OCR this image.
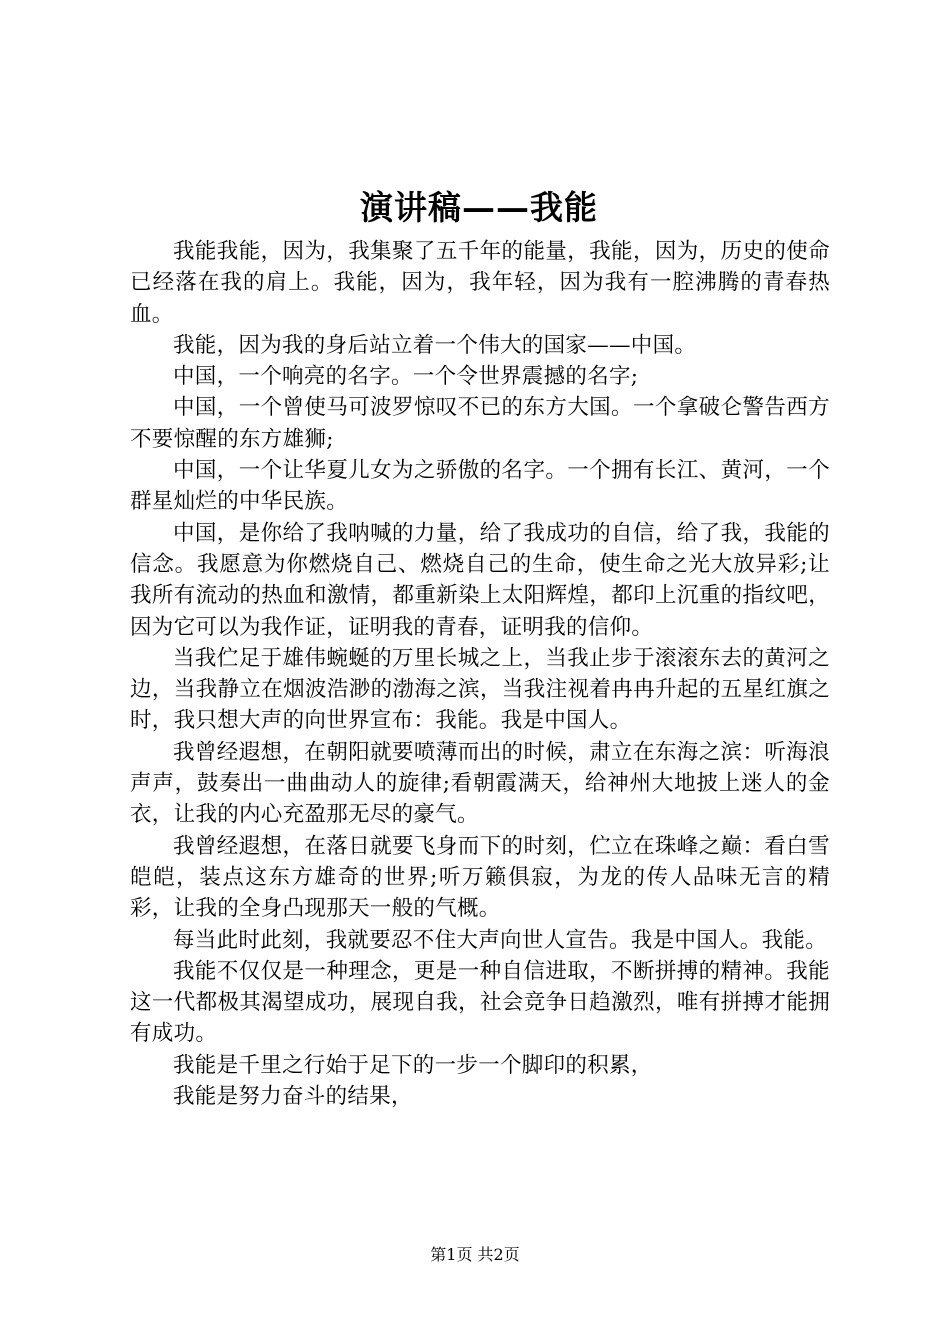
演讲稿——我能

我能我能，因为，我集聚了五千年的能量，我能，因为，历史的使命已经落在我的肩上。我能，因为，我年轻，因为我有一腔沸腾的青春热血。

我能，因为我的身后站立着一个伟大的国家——中国。

中国，一个响亮的名字。一个令世界震撼的名字;

中国，一个曾使马可波罗惊叹不已的东方大国。一个拿破仑警告西方不要惊醒的东方雄狮;

中国，一个让华夏儿女为之骄傲的名字。一个拥有长江、黄河，一个群星灿烂的中华民族。

中国，是你给了我呐喊的力量，给了我成功的自信，给了我，我能的信念。我愿意为你燃烧自己、燃烧自己的生命，使生命之光大放异彩;让我所有流动的热血和激情，都重新染上太阳辉煌，都印上沉重的指纹吧，因为它可以为我作证，证明我的青春，证明我的信仰。

当我伫足于雄伟蜿蜒的万里长城之上，当我止步于滚滚东去的黄河之边，当我静立在烟波浩渺的渤海之滨，当我注视着冉冉升起的五星红旗之时，我只想大声的向世界宣布：我能。我是中国人。

我曾经遐想，在朝阳就要喷薄而出的时候，肃立在东海之滨：听海浪声声，鼓奏出一曲曲动人的旋律;看朝霞满天，给神州大地披上迷人的金衣，让我的内心充盈那无尽的豪气。

我曾经遐想，在落日就要飞身而下的时刻，伫立在珠峰之巅：看白雪皑皑，装点这东方雄奇的世界;听万籁俱寂，为龙的传人品味无言的精彩，让我的全身凸现那天一般的气概。

每当此时此刻，我就要忍不住大声向世人宣告。我是中国人。我能。

我能不仅仅是一种理念，更是一种自信进取，不断拼搏的精神。我能这一代都极其渴望成功，展现自我，社会竞争日趋激烈，唯有拼搏才能拥有成功。

我能是千里之行始于足下的一步一个脚印的积累，

我能是努力奋斗的结果，

第1页 共2页
